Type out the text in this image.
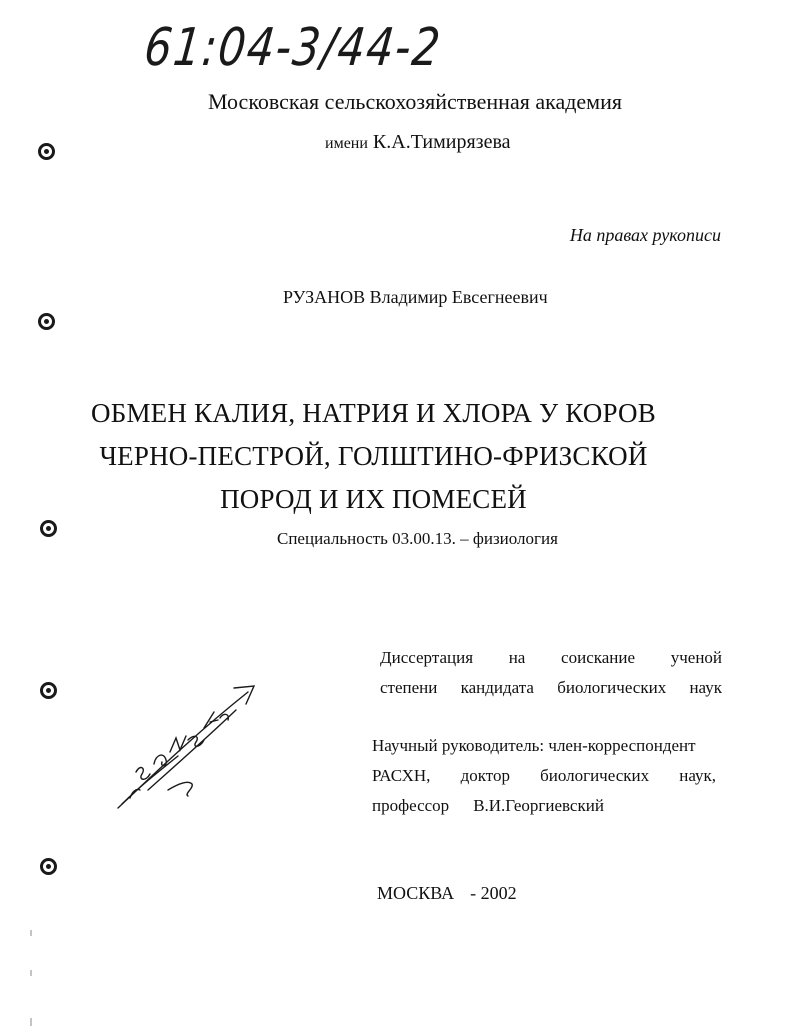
61:04-3/44-2
Московская сельскохозяйственная академия
имени К.А.Тимирязева
На правах рукописи
РУЗАНОВ Владимир Евсегнеевич
ОБМЕН КАЛИЯ, НАТРИЯ И ХЛОРА У КОРОВ
ЧЕРНО-ПЕСТРОЙ, ГОЛШТИНО-ФРИЗСКОЙ
ПОРОД И ИХ ПОМЕСЕЙ
Специальность 03.00.13. – физиология
Диссертация на соискание ученой
степени кандидата биологических наук
Научный руководитель: член-корреспондент
РАСХН, доктор биологических наук,
профессор В.И.Георгиевский
МОСКВА - 2002
